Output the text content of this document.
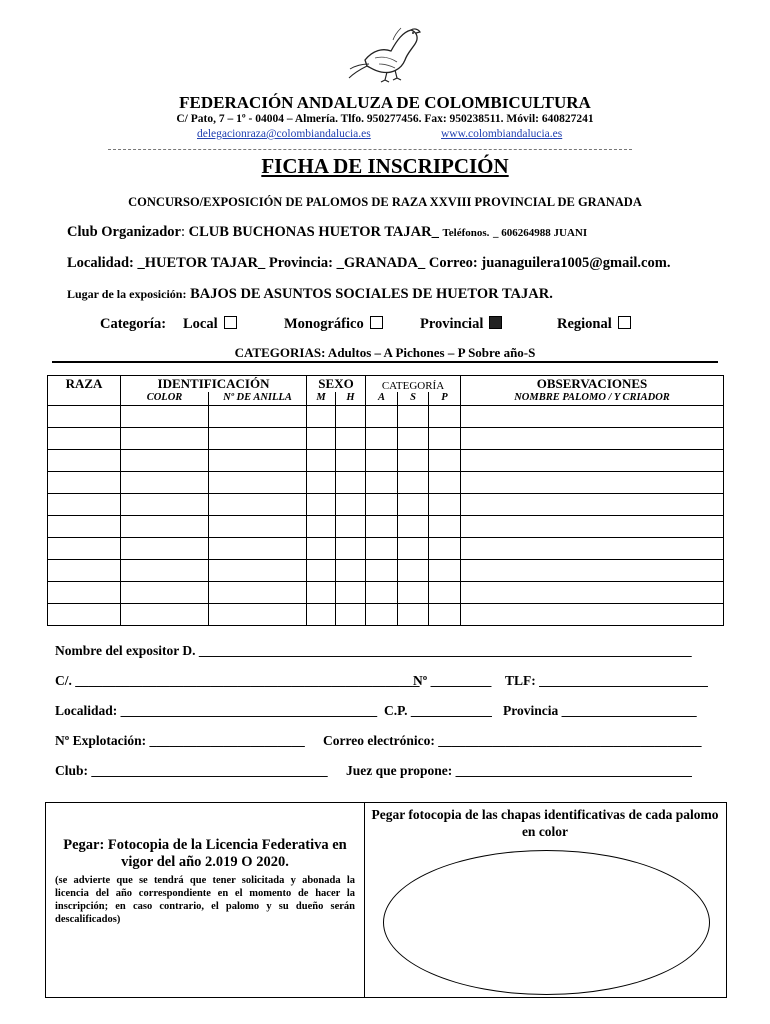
FEDERACIÓN ANDALUZA DE COLOMBICULTURA
C/ Pato, 7 – 1º - 04004 – Almería. Tlfo. 950277456. Fax: 950238511. Móvil: 640827241
delegacionraza@colombiandalucia.es	www.colombiandalucia.es
FICHA DE INSCRIPCIÓN
CONCURSO/EXPOSICIÓN DE PALOMOS DE RAZA XXVIII PROVINCIAL DE GRANADA
Club Organizador: CLUB BUCHONAS HUETOR TAJAR_ Teléfonos. _ 606264988 JUANI
Localidad: _HUETOR TAJAR_ Provincia: _GRANADA_ Correo: juanaguilera1005@gmail.com.
Lugar de la exposición: BAJOS DE ASUNTOS SOCIALES DE HUETOR TAJAR.
Categoría: Local	Monográfico	Provincial	Regional
CATEGORIAS: Adultos – A Pichones – P Sobre año-S
RAZA	IDENTIFICACIÓN		SEXO		CATEGORÍA			OBSERVACIONES
	COLOR	Nº DE ANILLA	M	H	A	S	P	NOMBRE PALOMO / Y CRIADOR

Nombre del expositor D. _________________________________________________________________________
C/. ___________________________________________________
Nº _________ TLF: _________________________
Localidad: ______________________________________ C.P. ____________ Provincia ____________________
Nº Explotación: _______________________ Correo electrónico: _______________________________________
Club: ___________________________________ Juez que propone: ___________________________________
Pegar: Fotocopia de la Licencia Federativa en vigor del año 2.019 O 2020.
(se advierte que se tendrá que tener solicitada y abonada la licencia del año correspondiente en el momento de hacer la inscripción; en caso contrario, el palomo y su dueño serán descalificados)
Pegar fotocopia de las chapas identificativas de cada palomo en color
